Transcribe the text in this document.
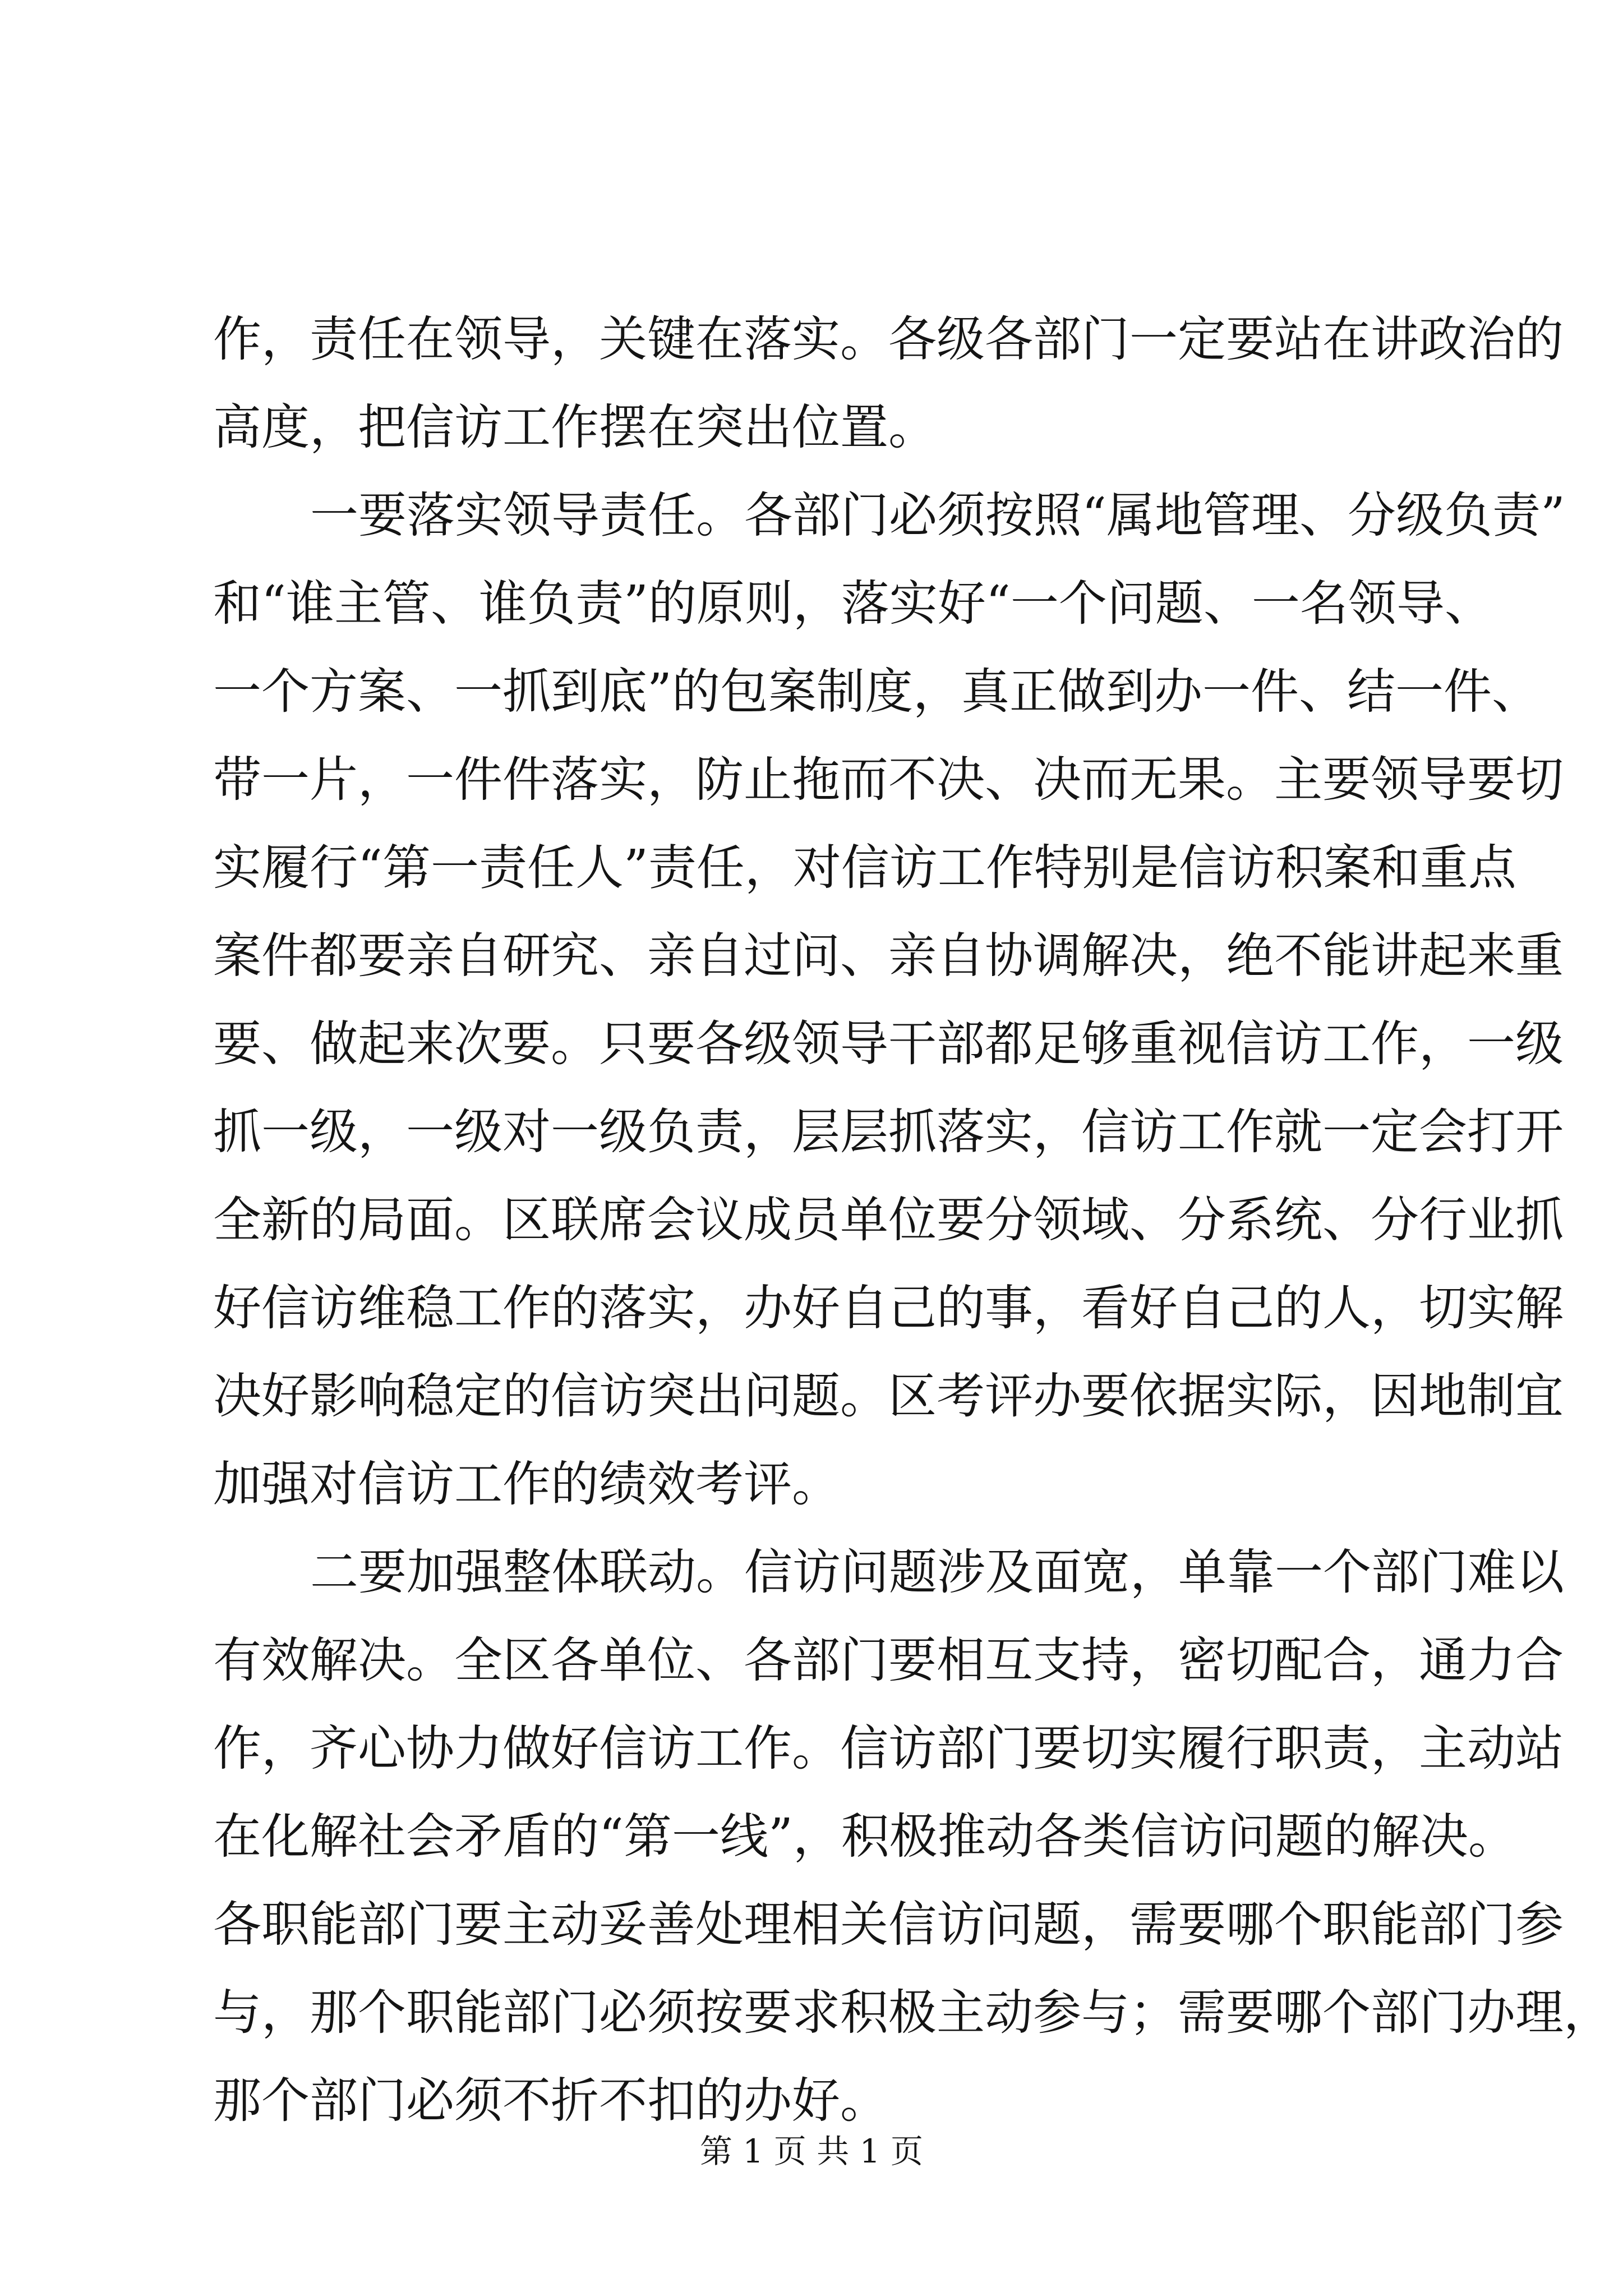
作，责任在领导，关键在落实。各级各部门一定要站在讲政治的
高度，把信访工作摆在突出位置。
一要落实领导责任。各部门必须按照“属地管理、分级负责”
和“谁主管、谁负责”的原则，落实好“一个问题、一名领导、
一个方案、一抓到底”的包案制度，真正做到办一件、结一件、
带一片，一件件落实，防止拖而不决、决而无果。主要领导要切
实履行“第一责任人”责任，对信访工作特别是信访积案和重点
案件都要亲自研究、亲自过问、亲自协调解决，绝不能讲起来重
要、做起来次要。只要各级领导干部都足够重视信访工作，一级
抓一级，一级对一级负责，层层抓落实，信访工作就一定会打开
全新的局面。区联席会议成员单位要分领域、分系统、分行业抓
好信访维稳工作的落实，办好自己的事，看好自己的人，切实解
决好影响稳定的信访突出问题。区考评办要依据实际，因地制宜
加强对信访工作的绩效考评。
二要加强整体联动。信访问题涉及面宽，单靠一个部门难以
有效解决。全区各单位、各部门要相互支持，密切配合，通力合
作，齐心协力做好信访工作。信访部门要切实履行职责，主动站
在化解社会矛盾的“第一线”，积极推动各类信访问题的解决。
各职能部门要主动妥善处理相关信访问题，需要哪个职能部门参
与，那个职能部门必须按要求积极主动参与；需要哪个部门办理，
那个部门必须不折不扣的办好。
第 1 页 共 1 页
